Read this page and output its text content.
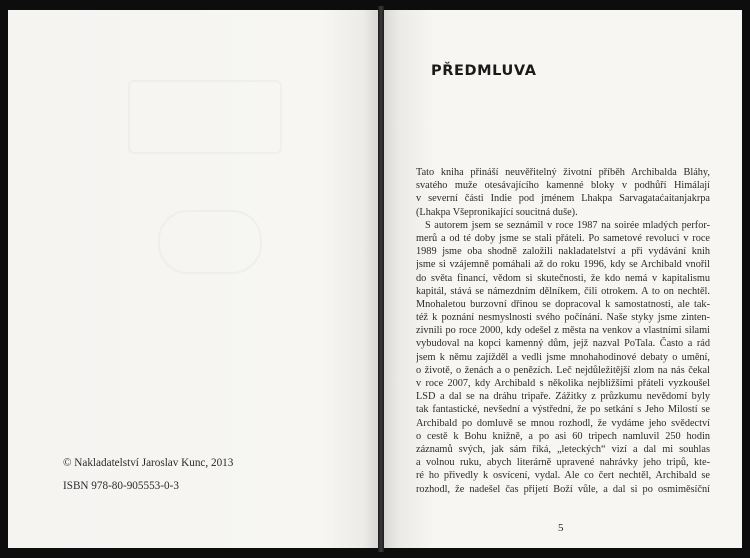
© Nakladatelství Jaroslav Kunc, 2013
ISBN 978-80-905553-0-3
PŘEDMLUVA
Tato kniha přináší neuvěřitelný životní příběh Archibalda Bláhy,
svatého muže otesávajícího kamenné bloky v podhůří Himálají
v severní části Indie pod jménem Lhakpa Sarvagataćaitanjakrpa
(Lhakpa Všepronikající soucitná duše).
S autorem jsem se seznámil v roce 1987 na soirée mladých perfor-
merů a od té doby jsme se stali přáteli. Po sametové revoluci v roce
1989 jsme oba shodně založili nakladatelství a při vydávání knih
jsme si vzájemně pomáhali až do roku 1996, kdy se Archibald vnořil
do světa financí, vědom si skutečnosti, že kdo nemá v kapitalismu
kapitál, stává se námezdním dělníkem, čili otrokem. A to on nechtěl.
Mnohaletou burzovní dřinou se dopracoval k samostatnosti, ale tak-
též k poznání nesmyslnosti svého počínání. Naše styky jsme zinten-
zivnili po roce 2000, kdy odešel z města na venkov a vlastními silami
vybudoval na kopci kamenný dům, jejž nazval PoTala. Často a rád
jsem k němu zajížděl a vedli jsme mnohahodinové debaty o umění,
o životě, o ženách a o penězích. Leč nejdůležitější zlom na nás čekal
v roce 2007, kdy Archibald s několika nejbližšími přáteli vyzkoušel
LSD a dal se na dráhu tripaře. Zážitky z průzkumu nevědomí byly
tak fantastické, nevšední a výstřední, že po setkání s Jeho Milostí se
Archibald po domluvě se mnou rozhodl, že vydáme jeho svědectví
o cestě k Bohu knižně, a po asi 60 tripech namluvil 250 hodin
záznamů svých, jak sám říká, „leteckých“ vizí a dal mi souhlas
a volnou ruku, abych literárně upravené nahrávky jeho tripů, kte-
ré ho přivedly k osvícení, vydal. Ale co čert nechtěl, Archibald se
rozhodl, že nadešel čas přijetí Boží vůle, a dal si po osmiměsíční
5
